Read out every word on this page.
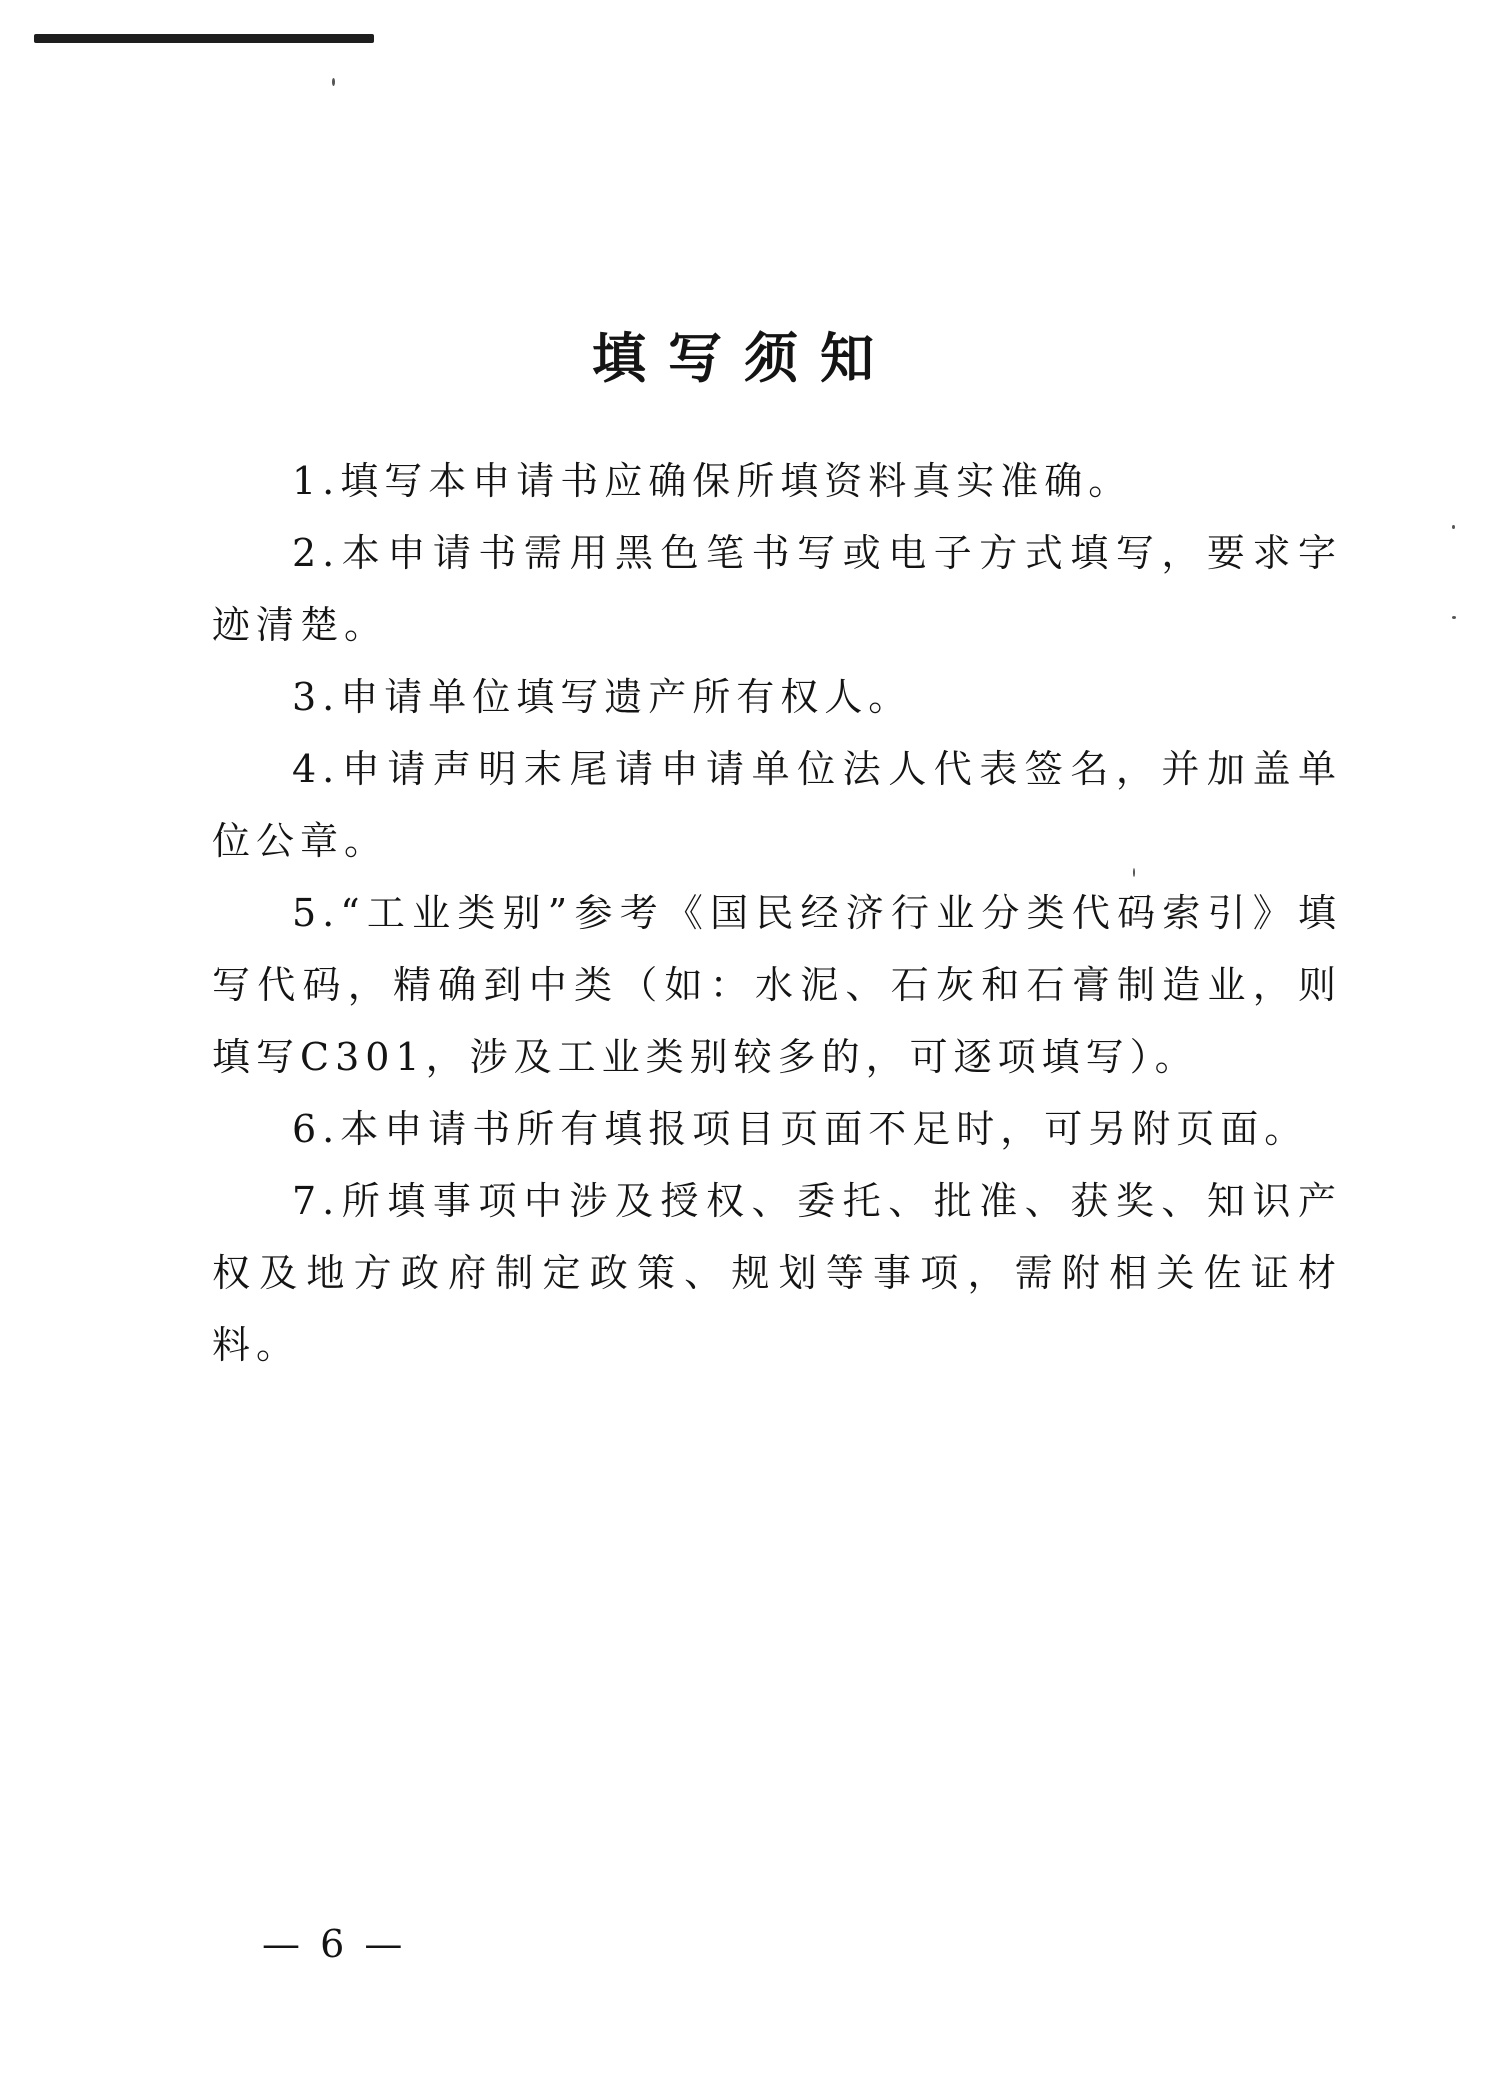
填写须知

1.填写本申请书应确保所填资料真实准确。

2.本申请书需用黑色笔书写或电子方式填写，要求字迹清楚。

3.申请单位填写遗产所有权人。

4.申请声明末尾请申请单位法人代表签名，并加盖单位公章。

5.“工业类别”参考《国民经济行业分类代码索引》填写代码，精确到中类（如：水泥、石灰和石膏制造业，则填写C301，涉及工业类别较多的，可逐项填写）。

6.本申请书所有填报项目页面不足时，可另附页面。

7.所填事项中涉及授权、委托、批准、获奖、知识产权及地方政府制定政策、规划等事项，需附相关佐证材料。

— 6 —
